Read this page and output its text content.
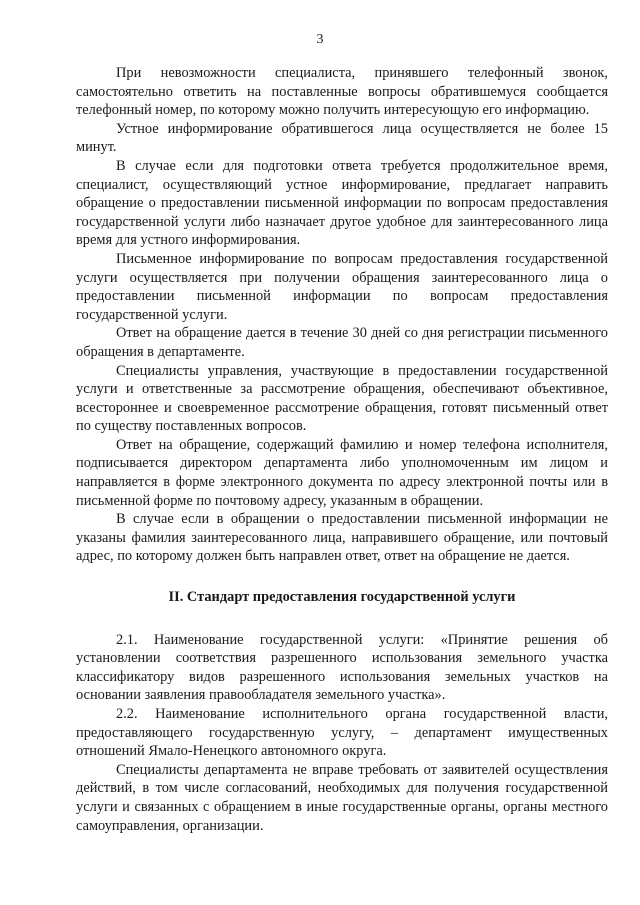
3

При невозможности специалиста, принявшего телефонный звонок, самостоятельно ответить на поставленные вопросы обратившемуся сообщается телефонный номер, по которому можно получить интересующую его информацию.

Устное информирование обратившегося лица осуществляется не более 15 минут.

В случае если для подготовки ответа требуется продолжительное время, специалист, осуществляющий устное информирование, предлагает направить обращение о предоставлении письменной информации по вопросам предоставления государственной услуги либо назначает другое удобное для заинтересованного лица время для устного информирования.

Письменное информирование по вопросам предоставления государственной услуги осуществляется при получении обращения заинтересованного лица о предоставлении письменной информации по вопросам предоставления государственной услуги.

Ответ на обращение дается в течение 30 дней со дня регистрации письменного обращения в департаменте.

Специалисты управления, участвующие в предоставлении государственной услуги и ответственные за рассмотрение обращения, обеспечивают объективное, всестороннее и своевременное рассмотрение обращения, готовят письменный ответ по существу поставленных вопросов.

Ответ на обращение, содержащий фамилию и номер телефона исполнителя, подписывается директором департамента либо уполномоченным им лицом и направляется в форме электронного документа по адресу электронной почты или в письменной форме по почтовому адресу, указанным в обращении.

В случае если в обращении о предоставлении письменной информации не указаны фамилия заинтересованного лица, направившего обращение, или почтовый адрес, по которому должен быть направлен ответ, ответ на обращение не дается.

II. Стандарт предоставления государственной услуги

2.1. Наименование государственной услуги: «Принятие решения об установлении соответствия разрешенного использования земельного участка классификатору видов разрешенного использования земельных участков на основании заявления правообладателя земельного участка».

2.2. Наименование исполнительного органа государственной власти, предоставляющего государственную услугу, – департамент имущественных отношений Ямало-Ненецкого автономного округа.

Специалисты департамента не вправе требовать от заявителей осуществления действий, в том числе согласований, необходимых для получения государственной услуги и связанных с обращением в иные государственные органы, органы местного самоуправления, организации.
